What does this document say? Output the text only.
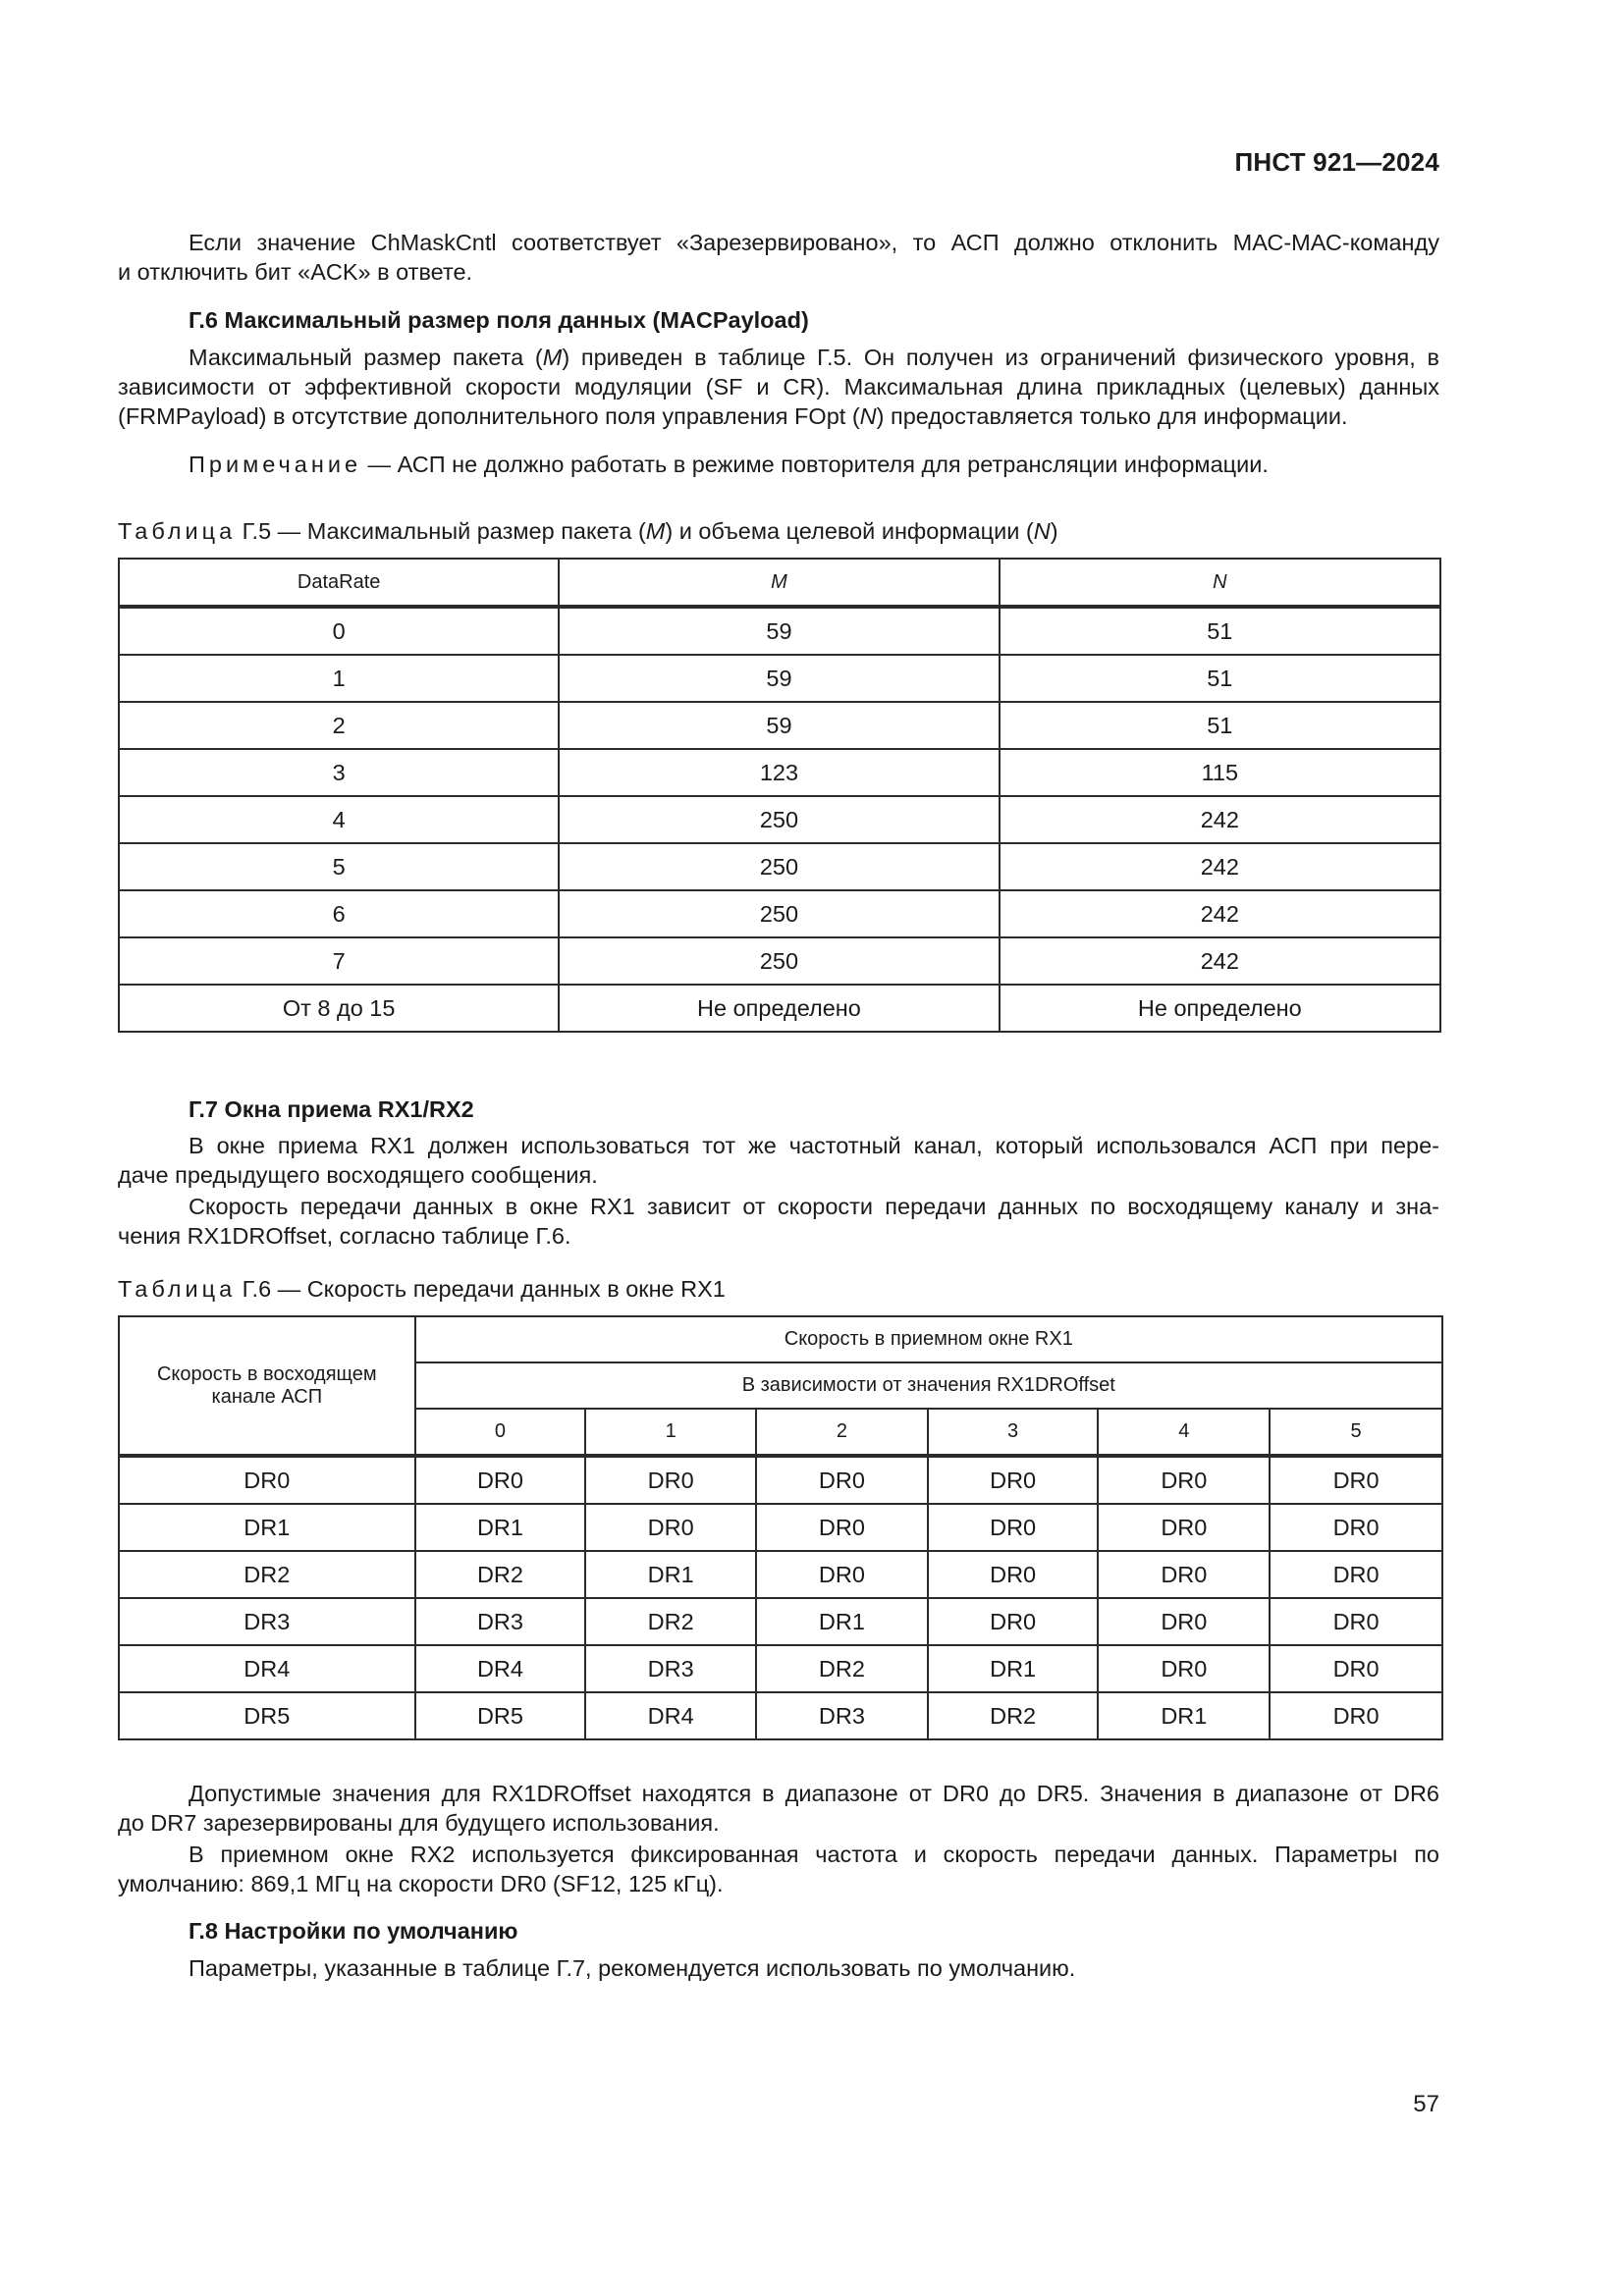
ПНСТ 921—2024
Если значение ChMaskCntl соответствует «Зарезервировано», то АСП должно отклонить МАС-МАС-команду
и отключить бит «ACK» в ответе.
Г.6 Максимальный размер поля данных (MACPayload)
Максимальный размер пакета (M) приведен в таблице Г.5. Он получен из ограничений физического уровня, в
зависимости от эффективной скорости модуляции (SF и CR). Максимальная длина прикладных (целевых) данных
(FRMPayload) в отсутствие дополнительного поля управления FOpt (N) предоставляется только для информации.
Примечание — АСП не должно работать в режиме повторителя для ретрансляции информации.
Таблица Г.5 — Максимальный размер пакета (M) и объема целевой информации (N)
DataRate	M	N
0	59	51
1	59	51
2	59	51
3	123	115
4	250	242
5	250	242
6	250	242
7	250	242
От 8 до 15	Не определено	Не определено
Г.7 Окна приема RX1/RX2
В окне приема RX1 должен использоваться тот же частотный канал, который использовался АСП при пере-
даче предыдущего восходящего сообщения.
Скорость передачи данных в окне RX1 зависит от скорости передачи данных по восходящему каналу и зна-
чения RX1DROffset, согласно таблице Г.6.
Таблица Г.6 — Скорость передачи данных в окне RX1
Скорость в восходящем
канале АСП	Скорость в приемном окне RX1					
	В зависимости от значения RX1DROffset					
	0	1	2	3	4	5
DR0	DR0	DR0	DR0	DR0	DR0	DR0
DR1	DR1	DR0	DR0	DR0	DR0	DR0
DR2	DR2	DR1	DR0	DR0	DR0	DR0
DR3	DR3	DR2	DR1	DR0	DR0	DR0
DR4	DR4	DR3	DR2	DR1	DR0	DR0
DR5	DR5	DR4	DR3	DR2	DR1	DR0
Допустимые значения для RX1DROffset находятся в диапазоне от DR0 до DR5. Значения в диапазоне от DR6
до DR7 зарезервированы для будущего использования.
В приемном окне RX2 используется фиксированная частота и скорость передачи данных. Параметры по
умолчанию: 869,1 МГц на скорости DR0 (SF12, 125 кГц).
Г.8 Настройки по умолчанию
Параметры, указанные в таблице Г.7, рекомендуется использовать по умолчанию.
57
